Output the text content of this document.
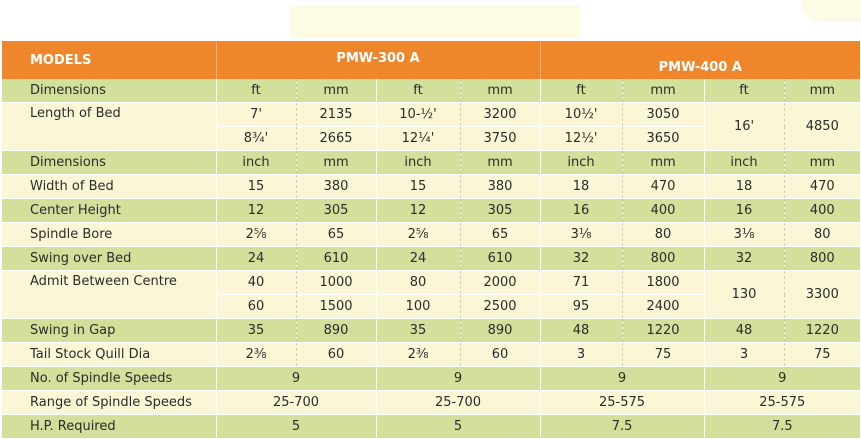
MODELS	PMW-300 A				PMW-400 A			
Dimensions	ft	mm	ft	mm	ft	mm	ft	mm
Length of Bed	7'	2135	10-½'	3200	10½'	3050	16'	4850
	8¾'	2665	12¼'	3750	12½'	3650		
Dimensions	inch	mm	inch	mm	inch	mm	inch	mm
Width of Bed	15	380	15	380	18	470	18	470
Center Height	12	305	12	305	16	400	16	400
Spindle Bore	2⅝	65	2⅝	65	3⅛	80	3⅛	80
Swing over Bed	24	610	24	610	32	800	32	800
Admit Between Centre	40	1000	80	2000	71	1800	130	3300
	60	1500	100	2500	95	2400		
Swing in Gap	35	890	35	890	48	1220	48	1220
Tail Stock Quill Dia	2⅜	60	2⅜	60	3	75	3	75
No. of Spindle Speeds	9		9		9		9	
Range of Spindle Speeds	25-700		25-700		25-575		25-575	
H.P. Required	5		5		7.5		7.5	
